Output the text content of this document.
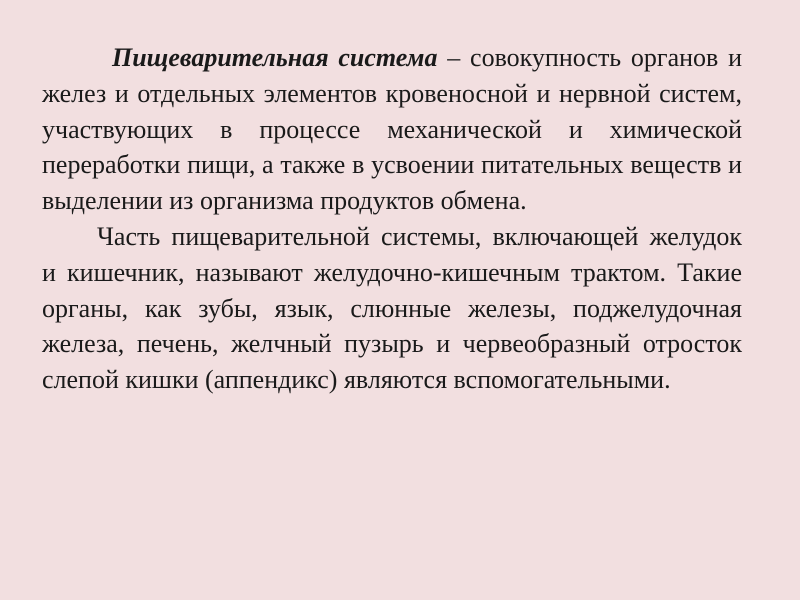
Пищеварительная система – совокупность органов и желез и отдельных элементов кровеносной и нервной систем, участвующих в процессе механической и химической переработки пищи, а также в усвоении питательных веществ и выделении из организма продуктов обмена.

Часть пищеварительной системы, включающей желудок и кишечник, называют желудочно-кишечным трактом. Такие органы, как зубы, язык, слюнные железы, поджелудочная железа, печень, желчный пузырь и червеобразный отросток слепой кишки (аппендикс) являются вспомогательными.
